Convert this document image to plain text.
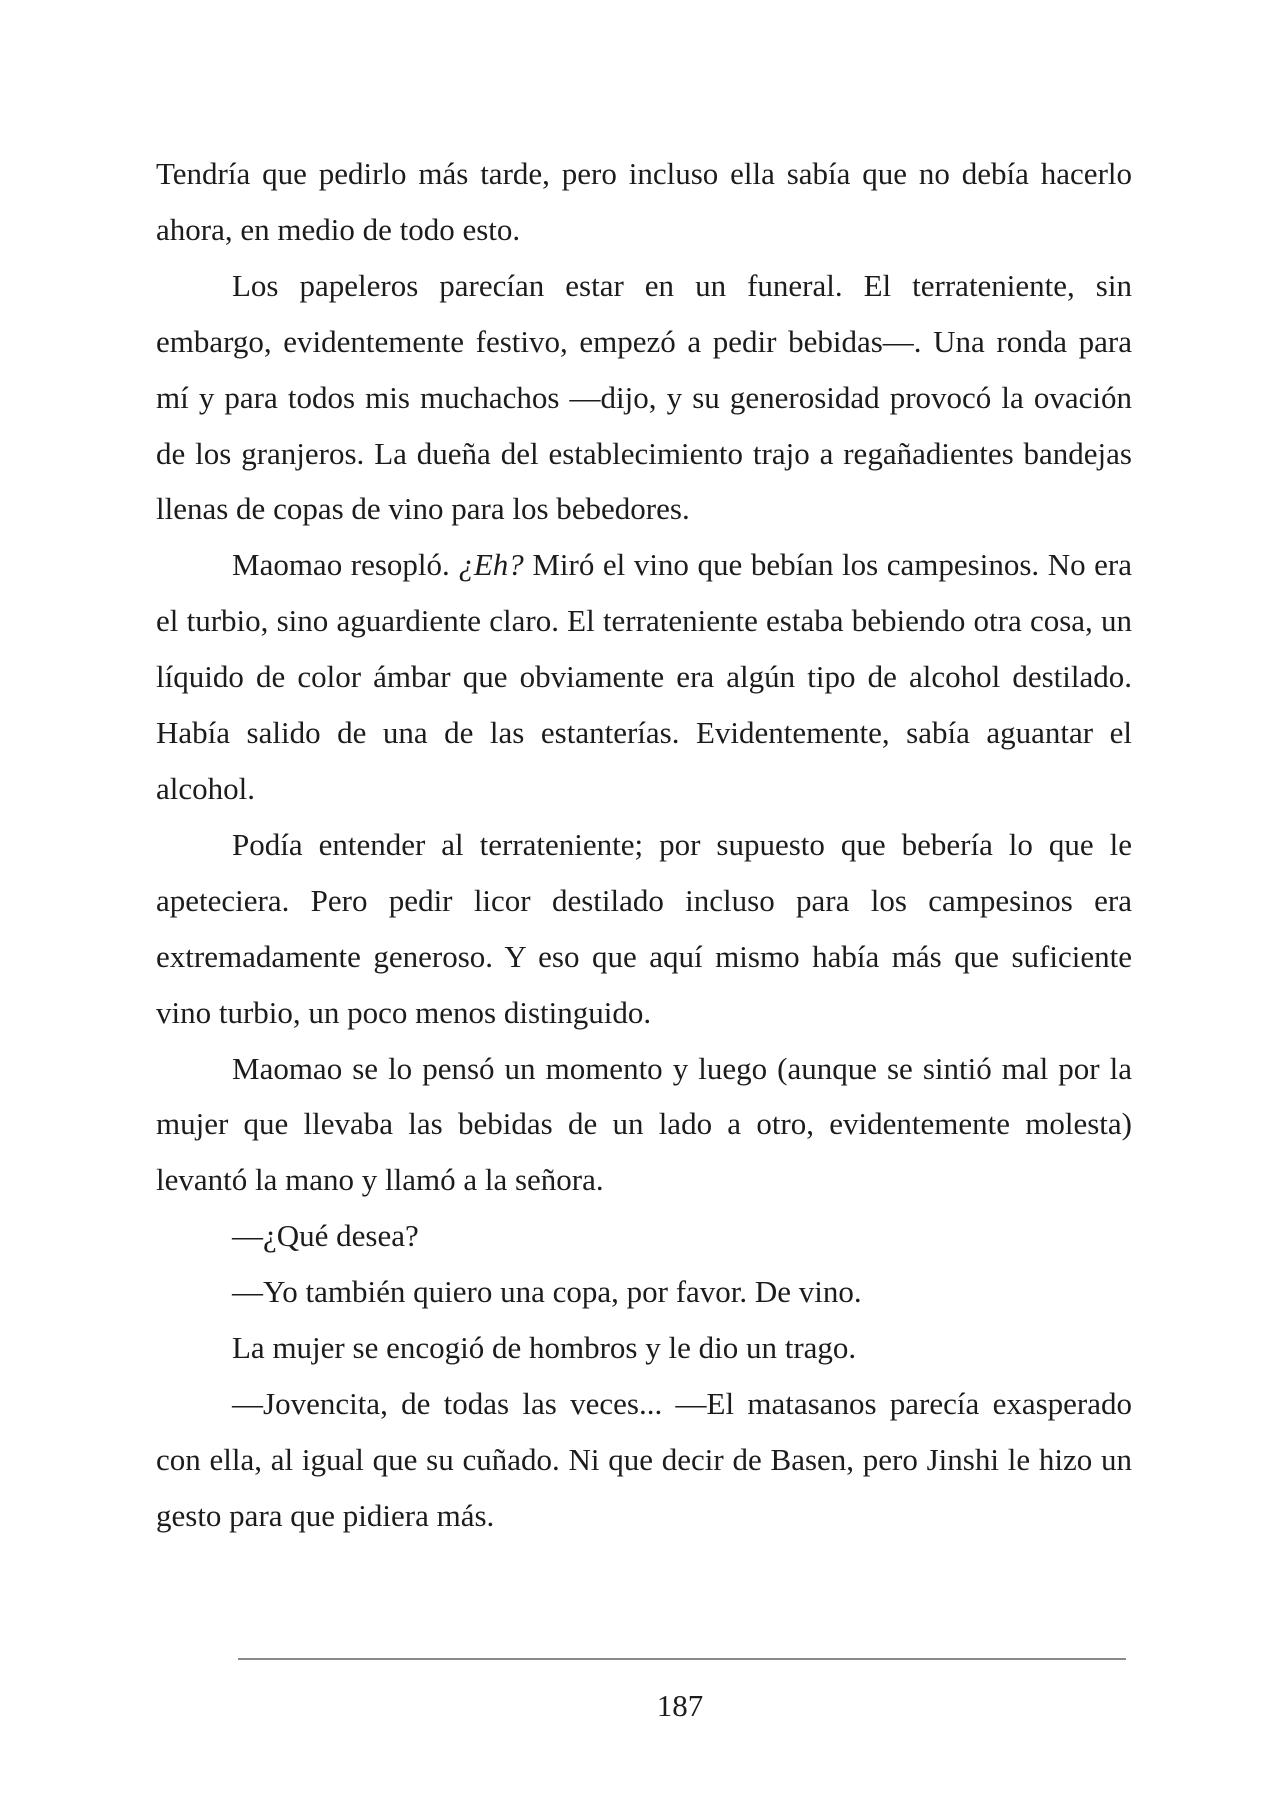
Tendría que pedirlo más tarde, pero incluso ella sabía que no debía hacerlo ahora, en medio de todo esto.

Los papeleros parecían estar en un funeral. El terrateniente, sin embargo, evidentemente festivo, empezó a pedir bebidas—. Una ronda para mí y para todos mis muchachos —dijo, y su generosidad provocó la ovación de los granjeros. La dueña del establecimiento trajo a regañadientes bandejas llenas de copas de vino para los bebedores.

Maomao resopló. ¿Eh? Miró el vino que bebían los campesinos. No era el turbio, sino aguardiente claro. El terrateniente estaba bebiendo otra cosa, un líquido de color ámbar que obviamente era algún tipo de alcohol destilado. Había salido de una de las estanterías. Evidentemente, sabía aguantar el alcohol.

Podía entender al terrateniente; por supuesto que bebería lo que le apeteciera. Pero pedir licor destilado incluso para los campesinos era extremadamente generoso. Y eso que aquí mismo había más que suficiente vino turbio, un poco menos distinguido.

Maomao se lo pensó un momento y luego (aunque se sintió mal por la mujer que llevaba las bebidas de un lado a otro, evidentemente molesta) levantó la mano y llamó a la señora.

—¿Qué desea?

—Yo también quiero una copa, por favor. De vino.

La mujer se encogió de hombros y le dio un trago.

—Jovencita, de todas las veces... —El matasanos parecía exasperado con ella, al igual que su cuñado. Ni que decir de Basen, pero Jinshi le hizo un gesto para que pidiera más.

187
